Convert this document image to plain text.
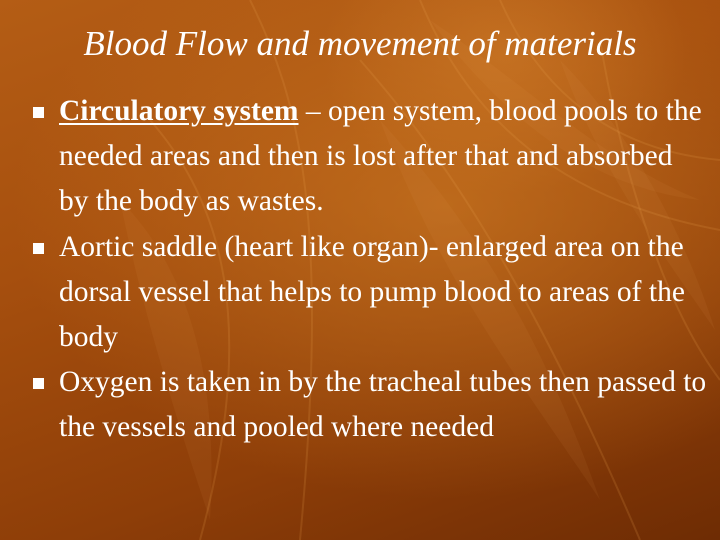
Blood Flow and movement of materials
Circulatory system – open system, blood pools to the needed areas and then is lost after that and absorbed by the body as wastes.
Aortic saddle (heart like organ)- enlarged area on the dorsal vessel that helps to pump blood to areas of the body
Oxygen is taken in by the tracheal tubes then passed to the vessels and pooled where needed
